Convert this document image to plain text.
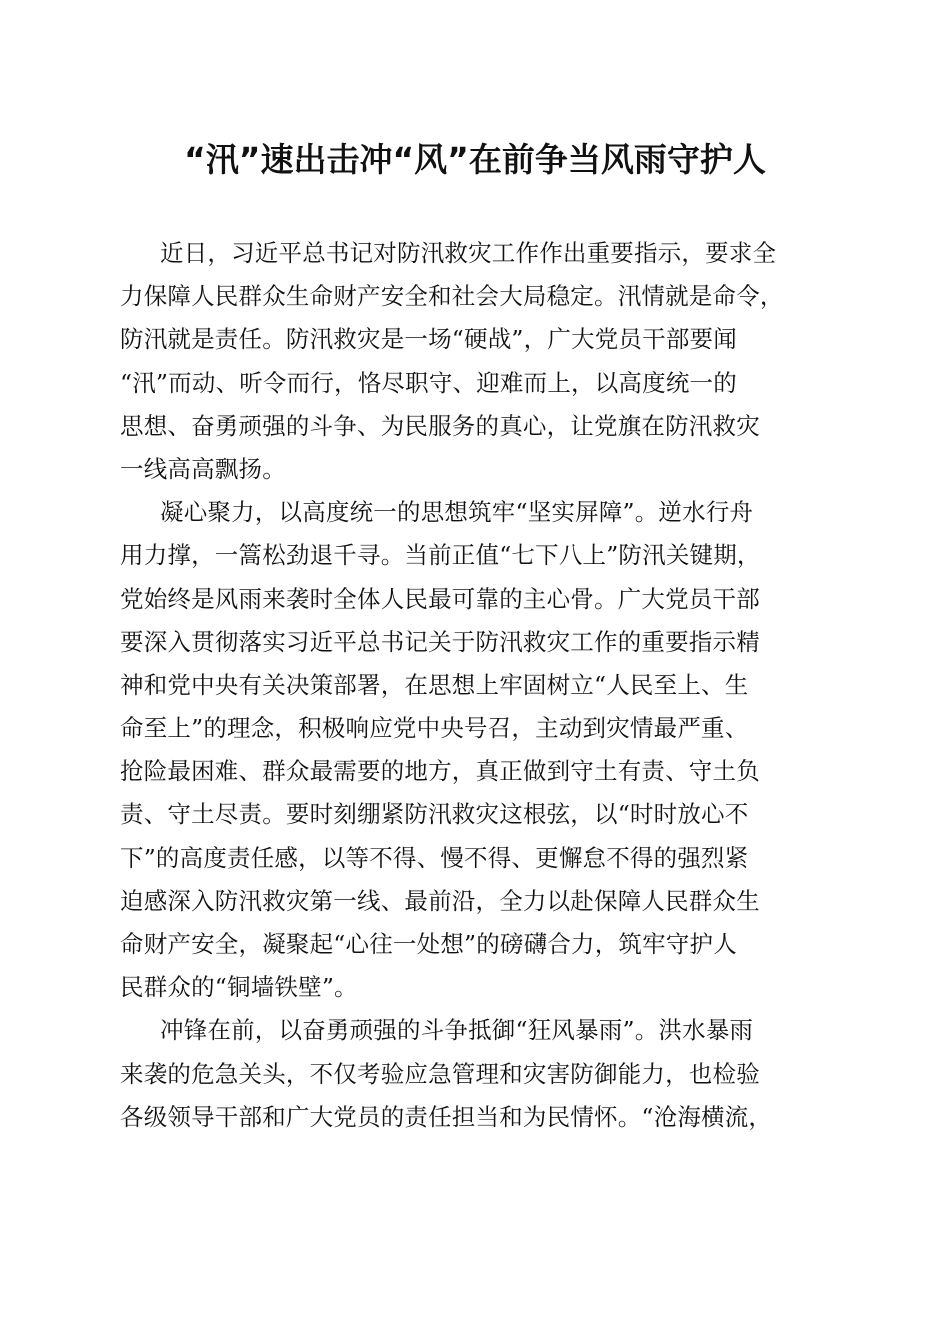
“汛”速出击冲“风”在前争当风雨守护人
近日，习近平总书记对防汛救灾工作作出重要指示，要求全
力保障人民群众生命财产安全和社会大局稳定。汛情就是命令，
防汛就是责任。防汛救灾是一场“硬战”，广大党员干部要闻
“汛”而动、听令而行，恪尽职守、迎难而上，以高度统一的
思想、奋勇顽强的斗争、为民服务的真心，让党旗在防汛救灾
一线高高飘扬。
凝心聚力，以高度统一的思想筑牢“坚实屏障”。逆水行舟
用力撑，一篙松劲退千寻。当前正值“七下八上”防汛关键期，
党始终是风雨来袭时全体人民最可靠的主心骨。广大党员干部
要深入贯彻落实习近平总书记关于防汛救灾工作的重要指示精
神和党中央有关决策部署，在思想上牢固树立“人民至上、生
命至上”的理念，积极响应党中央号召，主动到灾情最严重、
抢险最困难、群众最需要的地方，真正做到守土有责、守土负
责、守土尽责。要时刻绷紧防汛救灾这根弦，以“时时放心不
下”的高度责任感，以等不得、慢不得、更懈怠不得的强烈紧
迫感深入防汛救灾第一线、最前沿，全力以赴保障人民群众生
命财产安全，凝聚起“心往一处想”的磅礴合力，筑牢守护人
民群众的“铜墙铁壁”。
冲锋在前，以奋勇顽强的斗争抵御“狂风暴雨”。洪水暴雨
来袭的危急关头，不仅考验应急管理和灾害防御能力，也检验
各级领导干部和广大党员的责任担当和为民情怀。“沧海横流，
